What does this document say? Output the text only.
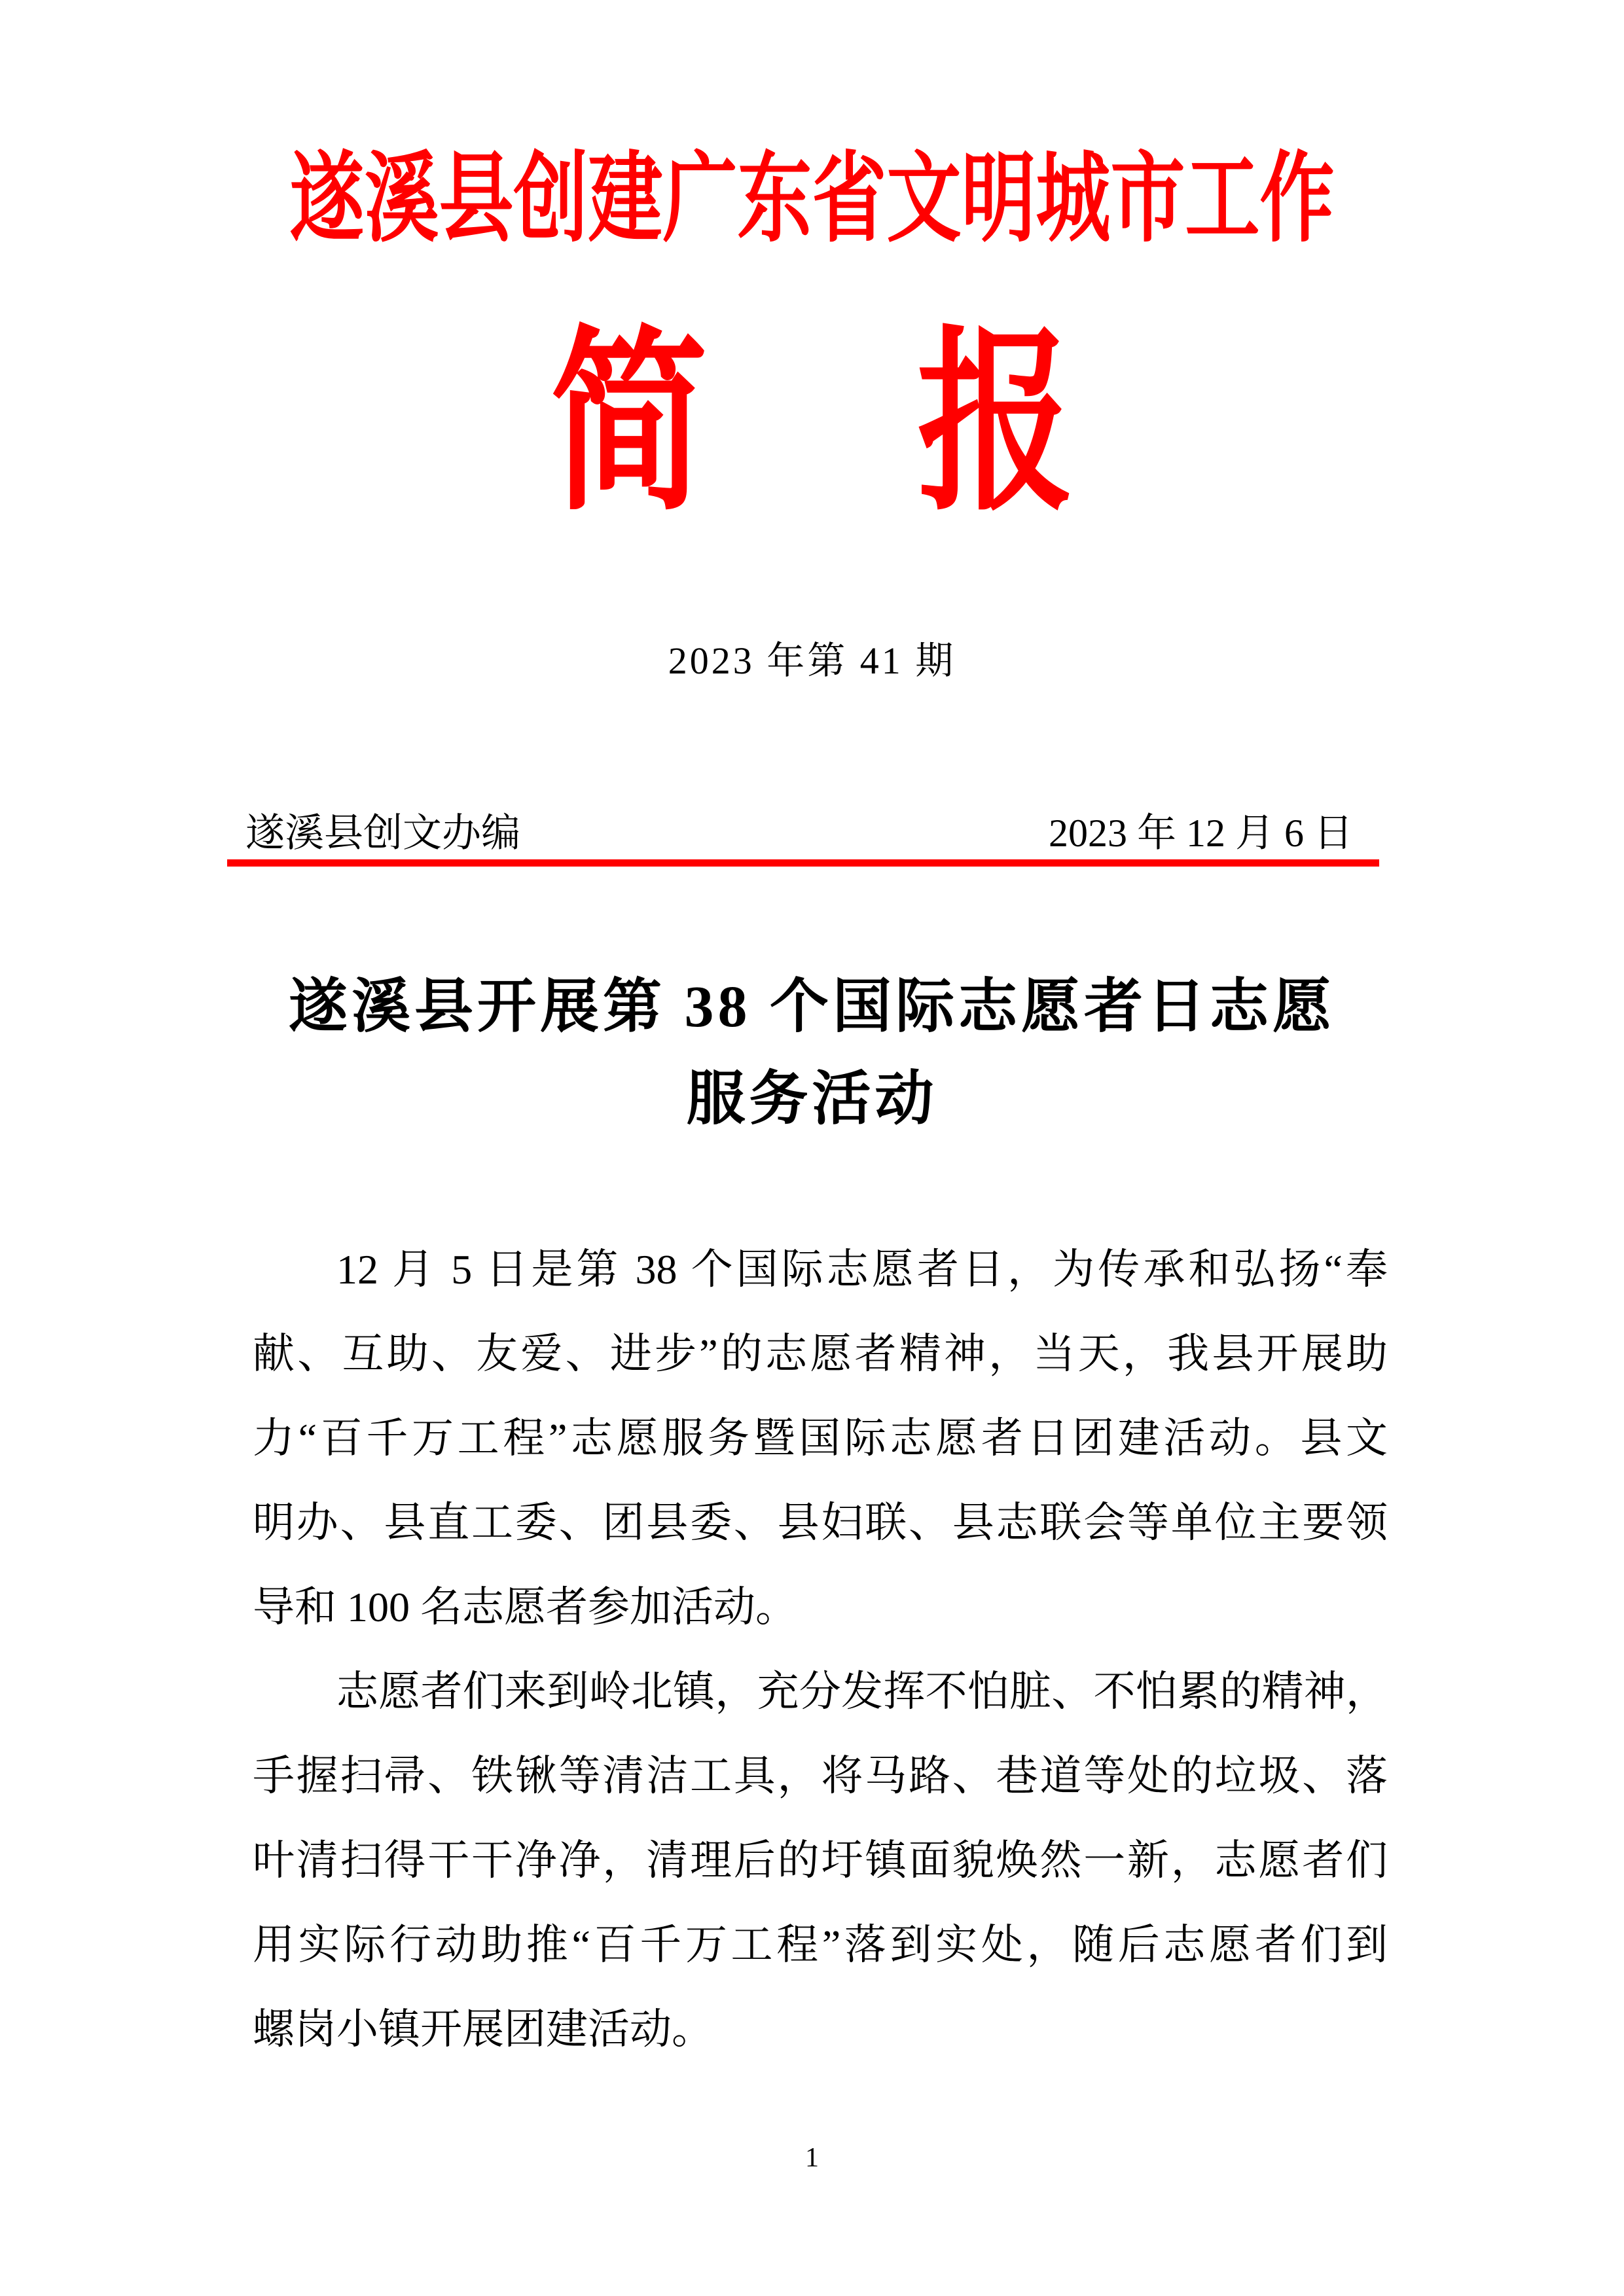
遂溪县创建广东省文明城市工作
简 报
2023 年第 41 期
遂溪县创文办编	2023 年 12 月 6 日
遂溪县开展第 38 个国际志愿者日志愿
服务活动
12 月 5 日是第 38 个国际志愿者日，为传承和弘扬“奉
献、互助、友爱、进步”的志愿者精神，当天，我县开展助
力“百千万工程”志愿服务暨国际志愿者日团建活动。县文
明办、县直工委、团县委、县妇联、县志联会等单位主要领
导和 100 名志愿者参加活动。
志愿者们来到岭北镇，充分发挥不怕脏、不怕累的精神，
手握扫帚、铁锹等清洁工具，将马路、巷道等处的垃圾、落
叶清扫得干干净净，清理后的圩镇面貌焕然一新，志愿者们
用实际行动助推“百千万工程”落到实处，随后志愿者们到
螺岗小镇开展团建活动。
1
